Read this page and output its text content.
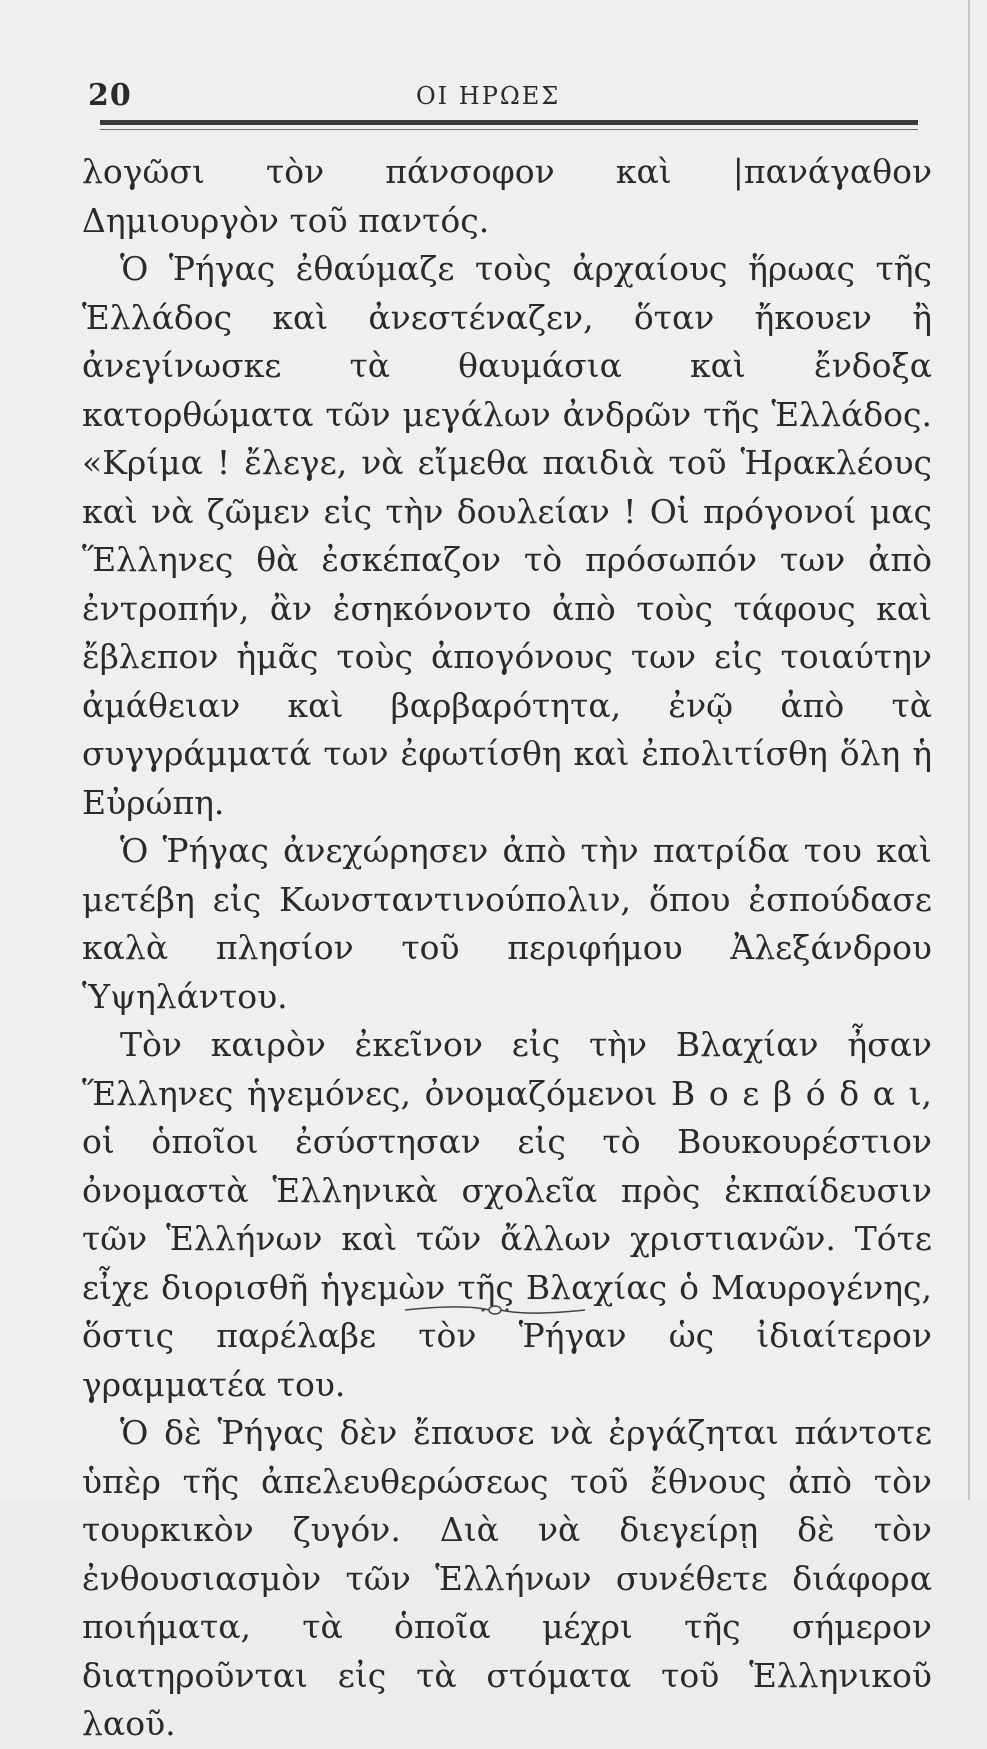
20	ΟΙ ΗΡΩΕΣ

λογῶσι τὸν πάνσοφον καὶ |πανάγαθον Δημιουργὸν τοῦ παντός.

Ὁ Ῥήγας ἐθαύμαζε τοὺς ἀρχαίους ἥρωας τῆς Ἑλλάδος καὶ ἀνεστέναζεν, ὅταν ἤκουεν ἢ ἀνεγίνωσκε τὰ θαυμάσια καὶ ἔνδοξα κατορθώματα τῶν μεγάλων ἀνδρῶν τῆς Ἑλλάδος. «Κρίμα ! ἔλεγε, νὰ εἴμεθα παιδιὰ τοῦ Ἡρακλέους καὶ νὰ ζῶμεν εἰς τὴν δουλείαν ! Οἱ πρόγονοί μας Ἕλληνες θὰ ἐσκέπαζον τὸ πρόσωπόν των ἀπὸ ἐντροπήν, ἂν ἐσηκόνοντο ἀπὸ τοὺς τάφους καὶ ἔβλεπον ἡμᾶς τοὺς ἀπογόνους των εἰς τοιαύτην ἀμάθειαν καὶ βαρβαρότητα, ἐνῷ ἀπὸ τὰ συγγράμματά των ἐφωτίσθη καὶ ἐπολιτίσθη ὅλη ἡ Εὐρώπη.

Ὁ Ῥήγας ἀνεχώρησεν ἀπὸ τὴν πατρίδα του καὶ μετέβη εἰς Κωνσταντινούπολιν, ὅπου ἐσπούδασε καλὰ πλησίον τοῦ περιφήμου Ἀλεξάνδρου Ὑψηλάντου.

Τὸν καιρὸν ἐκεῖνον εἰς τὴν Βλαχίαν ἦσαν Ἕλληνες ἡγεμόνες, ὀνομαζόμενοι Β ο ε β ό δ α ι, οἱ ὁποῖοι ἐσύστησαν εἰς τὸ Βουκουρέστιον ὀνομαστὰ Ἑλληνικὰ σχολεῖα πρὸς ἐκπαίδευσιν τῶν Ἑλλήνων καὶ τῶν ἄλλων χριστιανῶν. Τότε εἶχε διορισθῆ ἡγεμὼν τῆς Βλαχίας ὁ Μαυρογένης, ὅστις παρέλαβε τὸν Ῥήγαν ὡς ἰδιαίτερον γραμματέα του.

Ὁ δὲ Ῥήγας δὲν ἔπαυσε νὰ ἐργάζηται πάντοτε ὑπὲρ τῆς ἀπελευθερώσεως τοῦ ἔθνους ἀπὸ τὸν τουρκικὸν ζυγόν. Διὰ νὰ διεγείρῃ δὲ τὸν ἐνθουσιασμὸν τῶν Ἑλλήνων συνέθετε διάφορα ποιήματα, τὰ ὁποῖα μέχρι τῆς σήμερον διατηροῦνται εἰς τὰ στόματα τοῦ Ἑλληνικοῦ λαοῦ.
